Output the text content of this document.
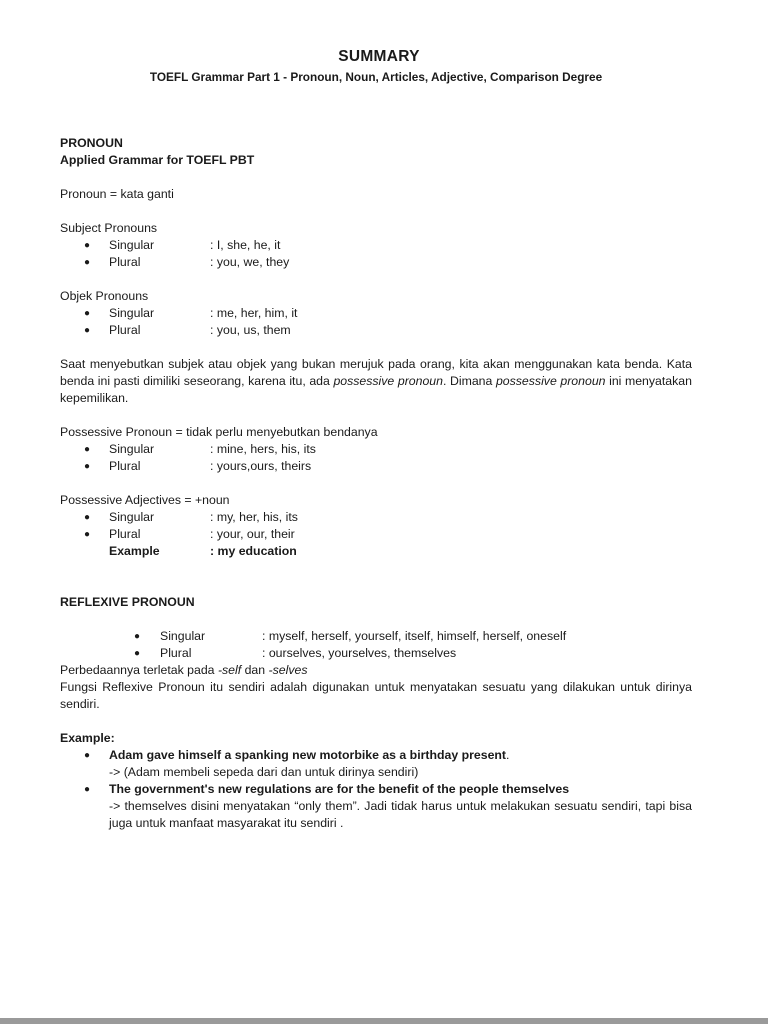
SUMMARY

TOEFL Grammar Part 1 - Pronoun, Noun, Articles, Adjective, Comparison Degree

PRONOUN

Applied Grammar for TOEFL PBT

Pronoun = kata ganti

Subject Pronouns

● Singular	: I, she, he, it
● Plural	: you, we, they

Objek Pronouns

● Singular	: me, her, him, it
● Plural	: you, us, them

Saat menyebutkan subjek atau objek yang bukan merujuk pada orang, kita akan menggunakan kata benda. Kata benda ini pasti dimiliki seseorang, karena itu, ada possessive pronoun. Dimana possessive pronoun ini menyatakan kepemilikan.

Possessive Pronoun = tidak perlu menyebutkan bendanya

● Singular	: mine, hers, his, its
● Plural	: yours,ours, theirs

Possessive Adjectives = +noun

● Singular	: my, her, his, its
● Plural	: your, our, their
Example	: my education

REFLEXIVE PRONOUN

● Singular	: myself, herself, yourself, itself, himself, herself, oneself
● Plural	: ourselves, yourselves, themselves

Perbedaannya terletak pada -self dan -selves

Fungsi Reflexive Pronoun itu sendiri adalah digunakan untuk menyatakan sesuatu yang dilakukan untuk dirinya sendiri.

Example:

● Adam gave himself a spanking new motorbike as a birthday present.

-> (Adam membeli sepeda dari dan untuk dirinya sendiri)

● The government's new regulations are for the benefit of the people themselves

-> themselves disini menyatakan “only them”. Jadi tidak harus untuk melakukan sesuatu sendiri, tapi bisa juga untuk manfaat masyarakat itu sendiri .
